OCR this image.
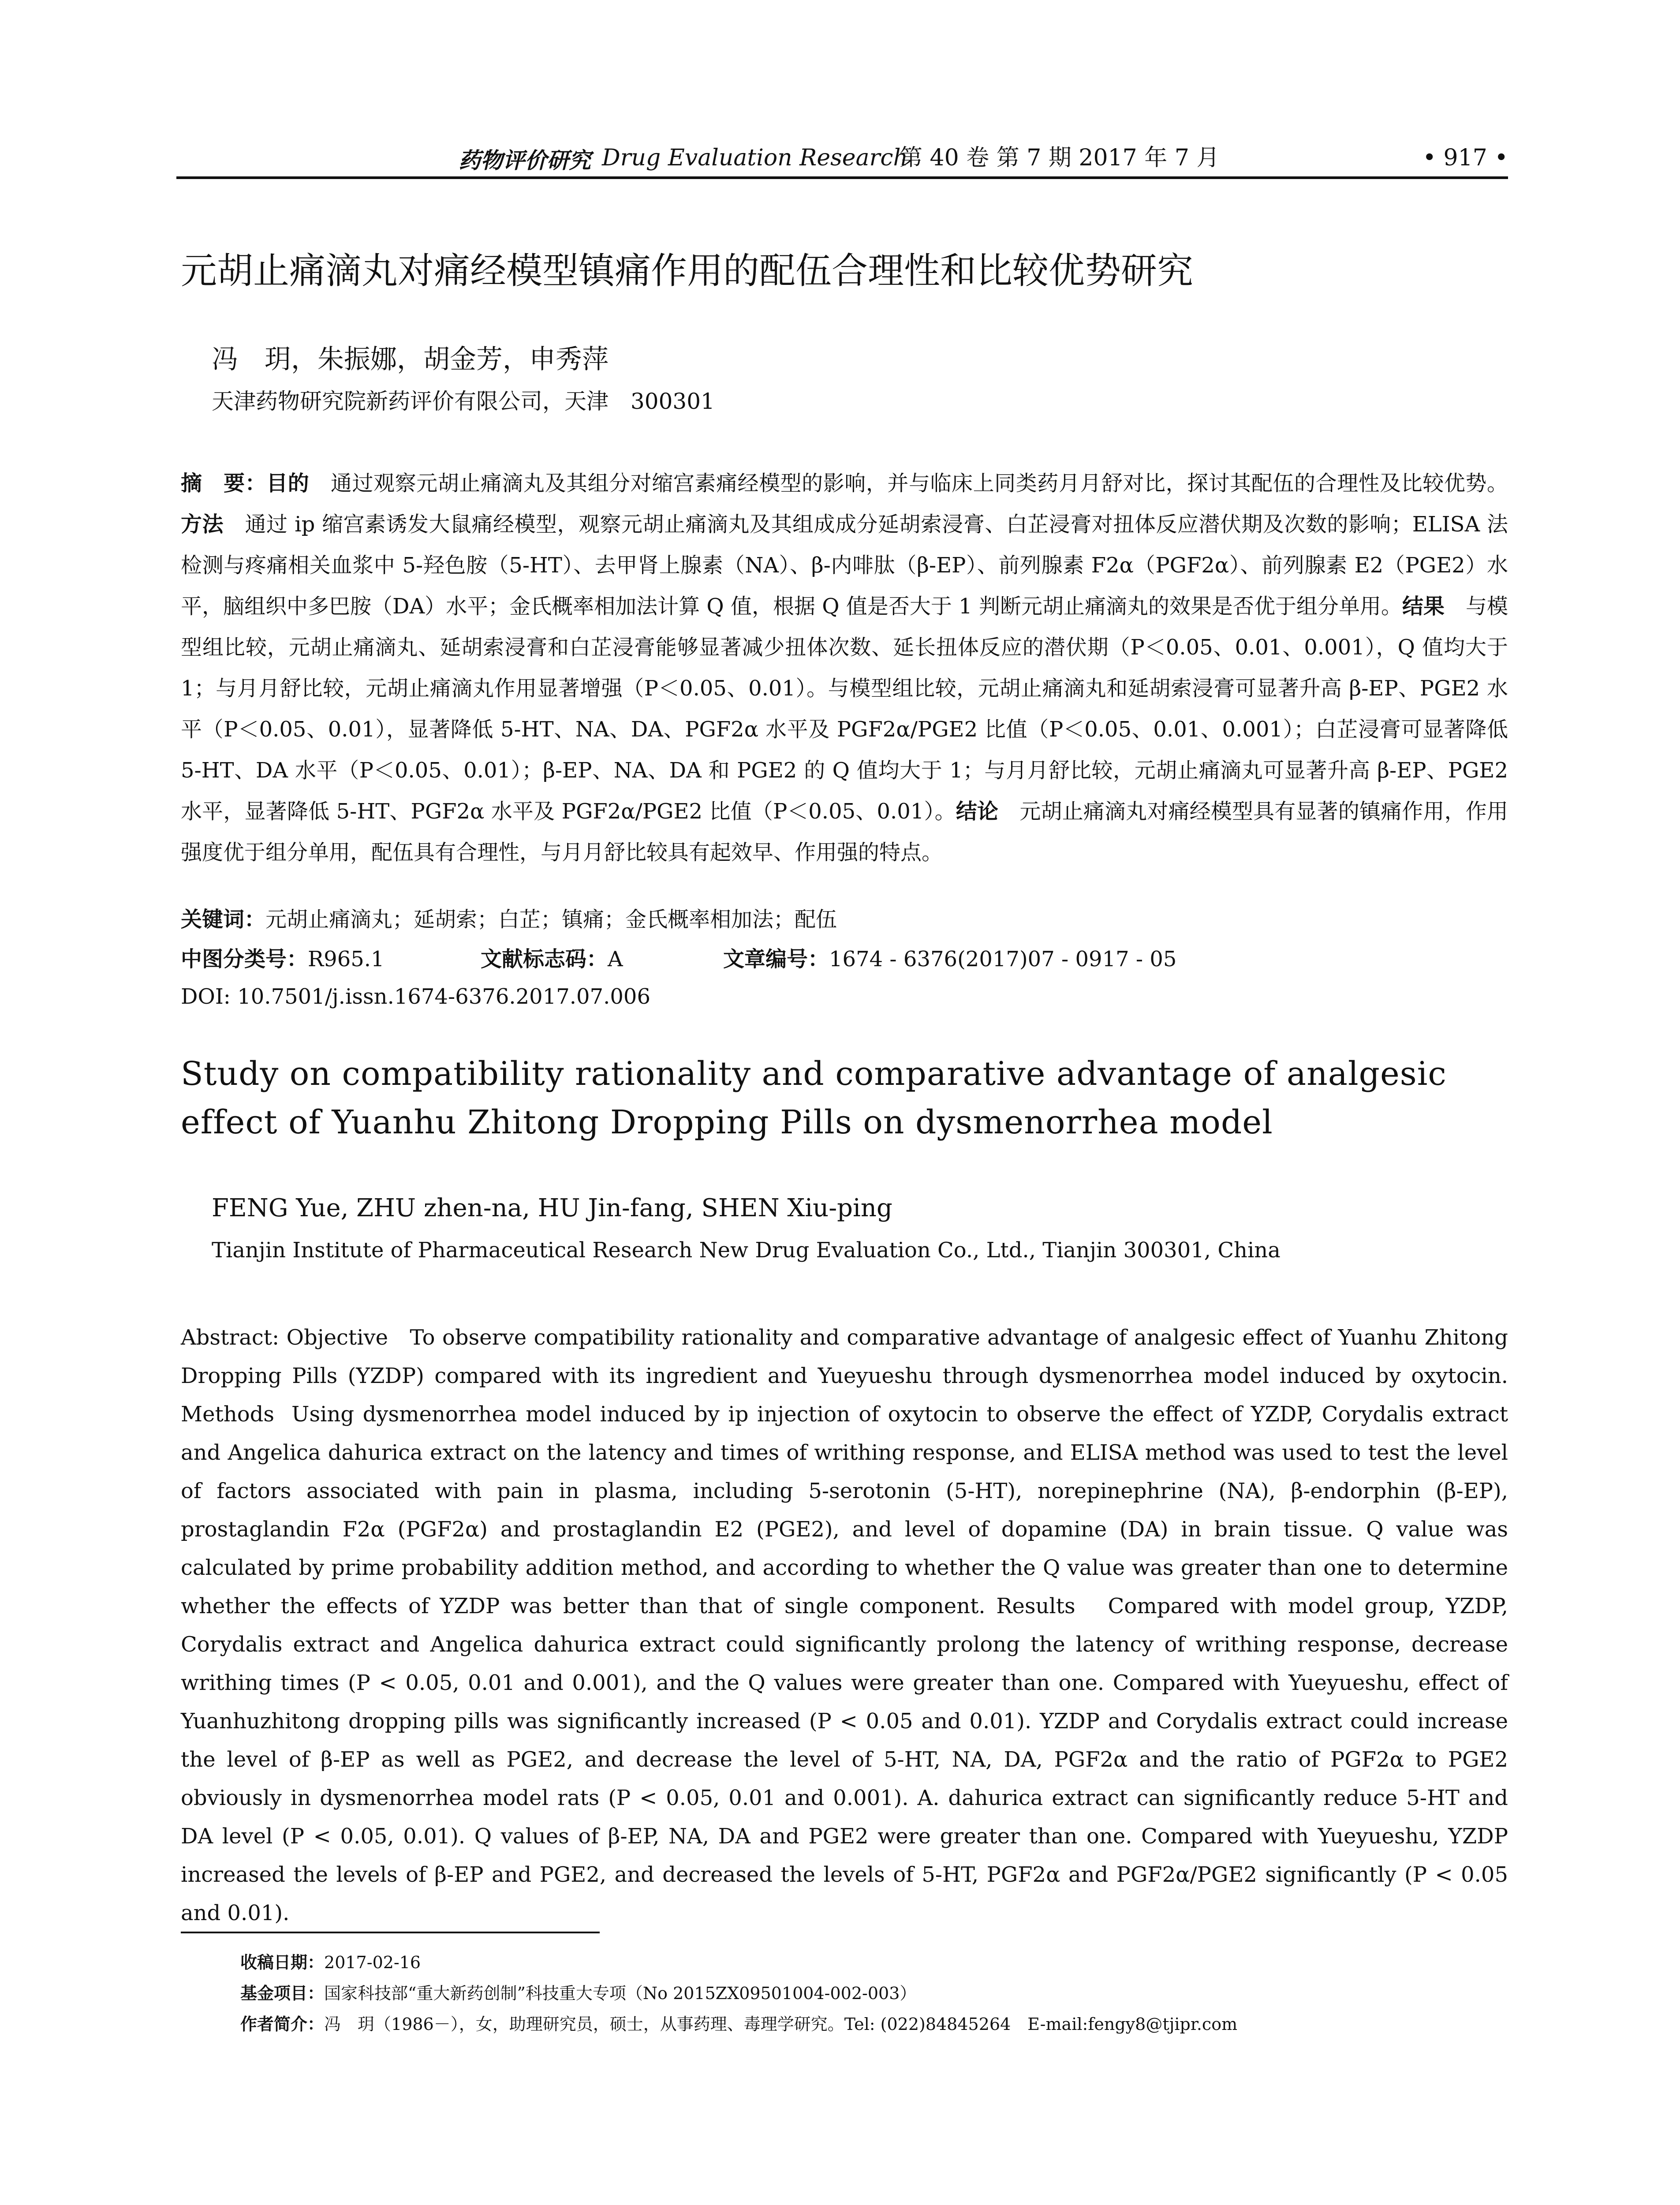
药物评价研究 Drug Evaluation Research
第 40 卷 第 7 期 2017 年 7 月	• 917 •
元胡止痛滴丸对痛经模型镇痛作用的配伍合理性和比较优势研究
冯　玥，朱振娜，胡金芳，申秀萍
天津药物研究院新药评价有限公司，天津　300301
摘　要：目的　 通过观察元胡止痛滴丸及其组分对缩宫素痛经模型的影响，并与临床上同类药月月舒对比，探讨其配伍的合理性及比较优势。方法　 通过 ip 缩宫素诱发大鼠痛经模型，观察元胡止痛滴丸及其组成成分延胡索浸膏、白芷浸膏对扭体反应潜伏期及次数的影响；ELISA 法检测与疼痛相关血浆中 5-羟色胺（5-HT）、去甲肾上腺素（NA）、β-内啡肽（β-EP）、前列腺素 F2α（PGF2α）、前列腺素 E2（PGE2）水平，脑组织中多巴胺（DA）水平；金氏概率相加法计算 Q 值，根据 Q 值是否大于 1 判断元胡止痛滴丸的效果是否优于组分单用。结果　 与模型组比较，元胡止痛滴丸、延胡索浸膏和白芷浸膏能够显著减少扭体次数、延长扭体反应的潜伏期（P＜0.05、0.01、0.001），Q 值均大于 1；与月月舒比较，元胡止痛滴丸作用显著增强（P＜0.05、0.01）。与模型组比较，元胡止痛滴丸和延胡索浸膏可显著升高 β-EP、PGE2 水平（P＜0.05、0.01），显著降低 5-HT、NA、DA、PGF2α 水平及 PGF2α/PGE2 比值（P＜0.05、0.01、0.001）；白芷浸膏可显著降低 5-HT、DA 水平（P＜0.05、0.01）；β-EP、NA、DA 和 PGE2 的 Q 值均大于 1；与月月舒比较，元胡止痛滴丸可显著升高 β-EP、PGE2 水平，显著降低 5-HT、PGF2α 水平及 PGF2α/PGE2 比值（P＜0.05、0.01）。结论　 元胡止痛滴丸对痛经模型具有显著的镇痛作用，作用强度优于组分单用，配伍具有合理性，与月月舒比较具有起效早、作用强的特点。
关键词：元胡止痛滴丸；延胡索；白芷；镇痛；金氏概率相加法；配伍
中图分类号：R965.1	文献标志码：A	文章编号：1674 - 6376(2017)07 - 0917 - 05
DOI: 10.7501/j.issn.1674-6376.2017.07.006
Study on compatibility rationality and comparative advantage of analgesic effect of Yuanhu Zhitong Dropping Pills on dysmenorrhea model
FENG Yue, ZHU zhen-na, HU Jin-fang, SHEN Xiu-ping
Tianjin Institute of Pharmaceutical Research New Drug Evaluation Co., Ltd., Tianjin 300301, China
Abstract: Objective To observe compatibility rationality and comparative advantage of analgesic effect of Yuanhu Zhitong Dropping Pills (YZDP) compared with its ingredient and Yueyueshu through dysmenorrhea model induced by oxytocin. Methods Using dysmenorrhea model induced by ip injection of oxytocin to observe the effect of YZDP, Corydalis extract and Angelica dahurica extract on the latency and times of writhing response, and ELISA method was used to test the level of factors associated with pain in plasma, including 5-serotonin (5-HT), norepinephrine (NA), β-endorphin (β-EP), prostaglandin F2α (PGF2α) and prostaglandin E2 (PGE2), and level of dopamine (DA) in brain tissue. Q value was calculated by prime probability addition method, and according to whether the Q value was greater than one to determine whether the effects of YZDP was better than that of single component. Results Compared with model group, YZDP, Corydalis extract and Angelica dahurica extract could significantly prolong the latency of writhing response, decrease writhing times (P < 0.05, 0.01 and 0.001), and the Q values were greater than one. Compared with Yueyueshu, effect of Yuanhuzhitong dropping pills was significantly increased (P < 0.05 and 0.01). YZDP and Corydalis extract could increase the level of β-EP as well as PGE2, and decrease the level of 5-HT, NA, DA, PGF2α and the ratio of PGF2α to PGE2 obviously in dysmenorrhea model rats (P < 0.05, 0.01 and 0.001). A. dahurica extract can significantly reduce 5-HT and DA level (P < 0.05, 0.01). Q values of β-EP, NA, DA and PGE2 were greater than one. Compared with Yueyueshu, YZDP increased the levels of β-EP and PGE2, and decreased the levels of 5-HT, PGF2α and PGF2α/PGE2 significantly (P < 0.05 and 0.01).
收稿日期：2017-02-16
基金项目：国家科技部“重大新药创制”科技重大专项（No 2015ZX09501004-002-003）
作者简介：冯　玥（1986－），女，助理研究员，硕士，从事药理、毒理学研究。Tel: (022)84845264　E-mail:fengy8@tjipr.com
